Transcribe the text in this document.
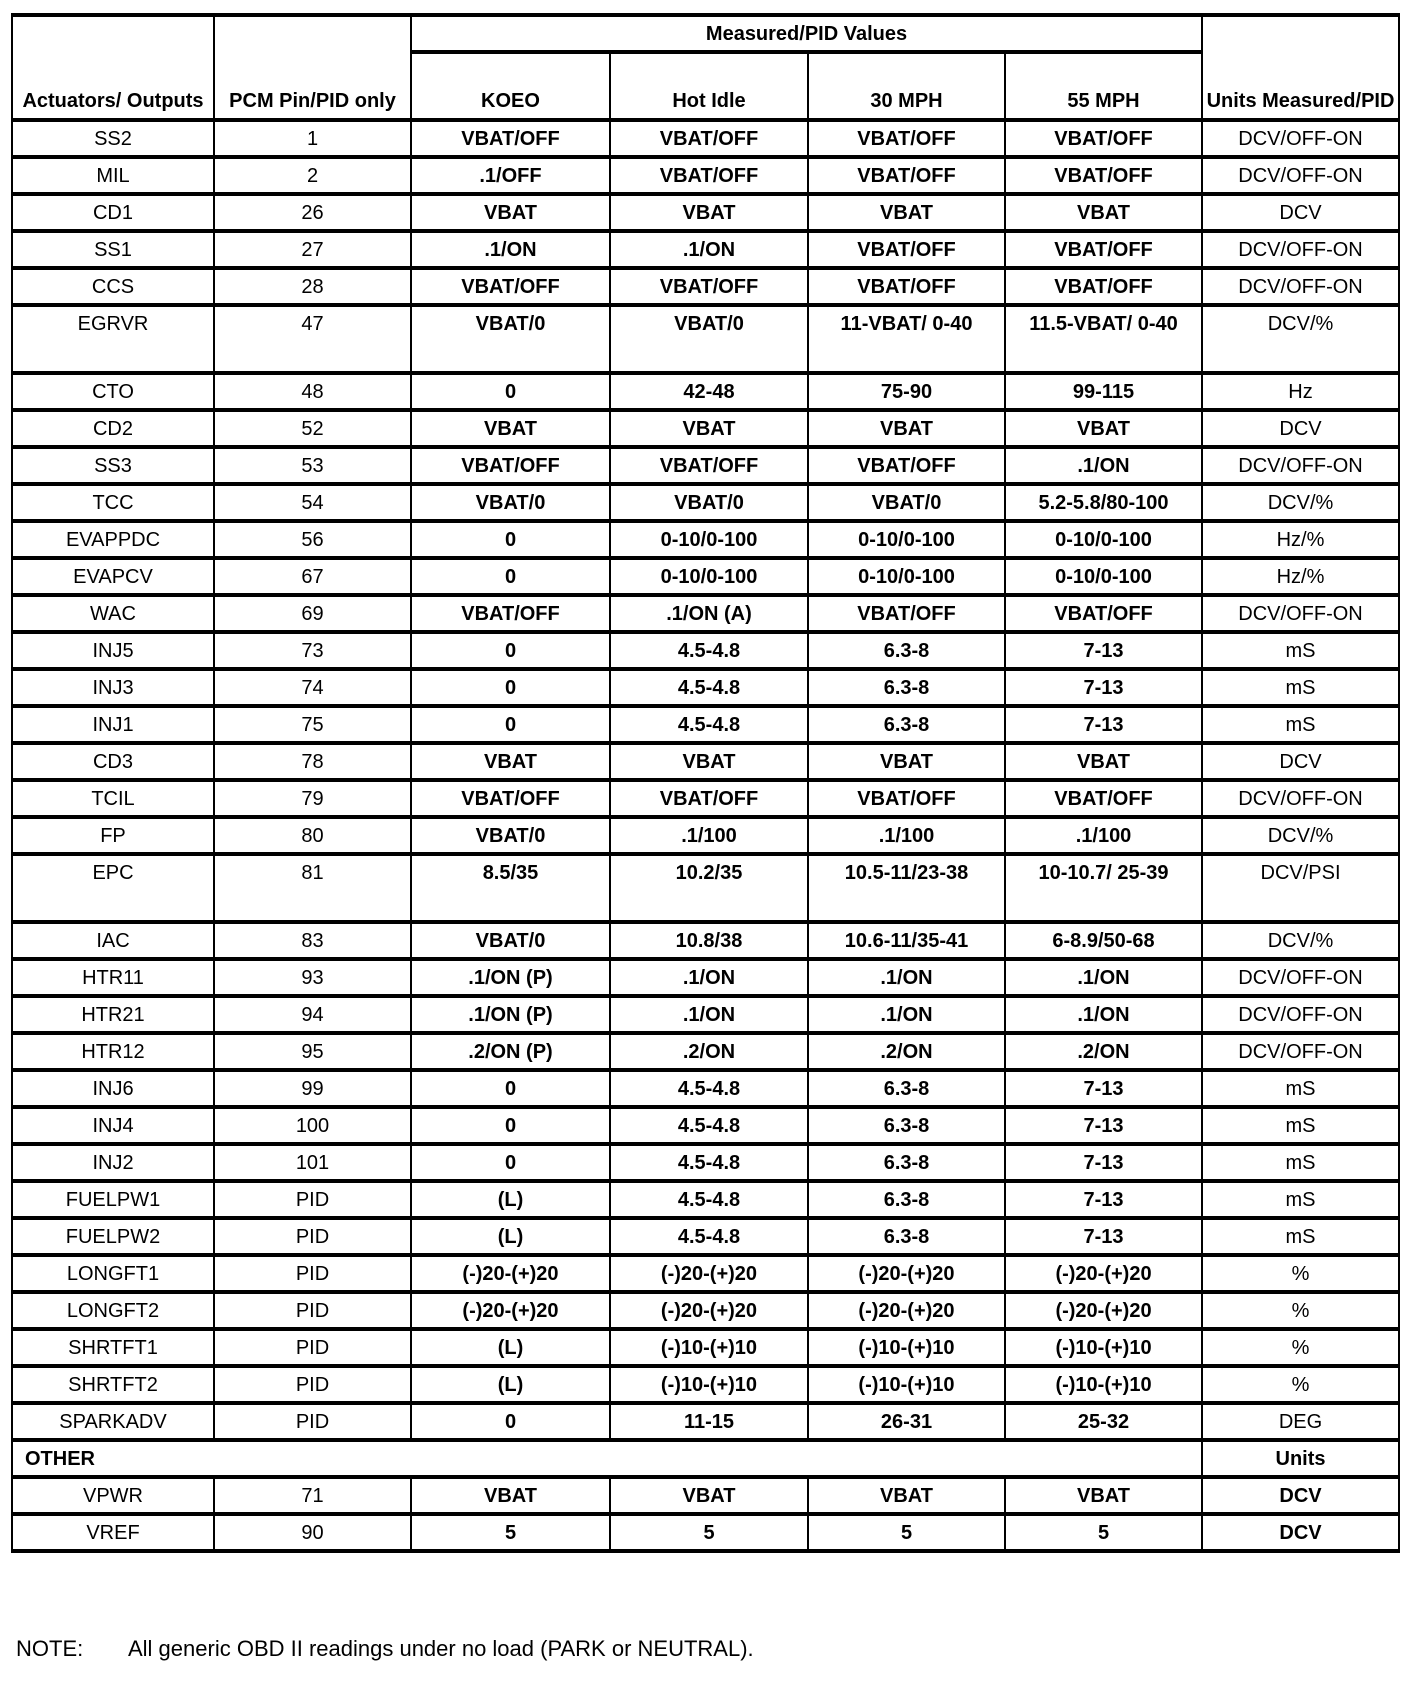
Actuators/ Outputs	PCM Pin/PID only	Measured/PID Values				Units Measured/PID
		KOEO	Hot Idle	30 MPH	55 MPH	
SS2	1	VBAT/OFF	VBAT/OFF	VBAT/OFF	VBAT/OFF	DCV/OFF-ON
MIL	2	.1/OFF	VBAT/OFF	VBAT/OFF	VBAT/OFF	DCV/OFF-ON
CD1	26	VBAT	VBAT	VBAT	VBAT	DCV
SS1	27	.1/ON	.1/ON	VBAT/OFF	VBAT/OFF	DCV/OFF-ON
CCS	28	VBAT/OFF	VBAT/OFF	VBAT/OFF	VBAT/OFF	DCV/OFF-ON
EGRVR	47	VBAT/0	VBAT/0	11-VBAT/ 0-40	11.5-VBAT/ 0-40	DCV/%
CTO	48	0	42-48	75-90	99-115	Hz
CD2	52	VBAT	VBAT	VBAT	VBAT	DCV
SS3	53	VBAT/OFF	VBAT/OFF	VBAT/OFF	.1/ON	DCV/OFF-ON
TCC	54	VBAT/0	VBAT/0	VBAT/0	5.2-5.8/80-100	DCV/%
EVAPPDC	56	0	0-10/0-100	0-10/0-100	0-10/0-100	Hz/%
EVAPCV	67	0	0-10/0-100	0-10/0-100	0-10/0-100	Hz/%
WAC	69	VBAT/OFF	.1/ON (A)	VBAT/OFF	VBAT/OFF	DCV/OFF-ON
INJ5	73	0	4.5-4.8	6.3-8	7-13	mS
INJ3	74	0	4.5-4.8	6.3-8	7-13	mS
INJ1	75	0	4.5-4.8	6.3-8	7-13	mS
CD3	78	VBAT	VBAT	VBAT	VBAT	DCV
TCIL	79	VBAT/OFF	VBAT/OFF	VBAT/OFF	VBAT/OFF	DCV/OFF-ON
FP	80	VBAT/0	.1/100	.1/100	.1/100	DCV/%
EPC	81	8.5/35	10.2/35	10.5-11/23-38	10-10.7/ 25-39	DCV/PSI
IAC	83	VBAT/0	10.8/38	10.6-11/35-41	6-8.9/50-68	DCV/%
HTR11	93	.1/ON (P)	.1/ON	.1/ON	.1/ON	DCV/OFF-ON
HTR21	94	.1/ON (P)	.1/ON	.1/ON	.1/ON	DCV/OFF-ON
HTR12	95	.2/ON (P)	.2/ON	.2/ON	.2/ON	DCV/OFF-ON
INJ6	99	0	4.5-4.8	6.3-8	7-13	mS
INJ4	100	0	4.5-4.8	6.3-8	7-13	mS
INJ2	101	0	4.5-4.8	6.3-8	7-13	mS
FUELPW1	PID	(L)	4.5-4.8	6.3-8	7-13	mS
FUELPW2	PID	(L)	4.5-4.8	6.3-8	7-13	mS
LONGFT1	PID	(-)20-(+)20	(-)20-(+)20	(-)20-(+)20	(-)20-(+)20	%
LONGFT2	PID	(-)20-(+)20	(-)20-(+)20	(-)20-(+)20	(-)20-(+)20	%
SHRTFT1	PID	(L)	(-)10-(+)10	(-)10-(+)10	(-)10-(+)10	%
SHRTFT2	PID	(L)	(-)10-(+)10	(-)10-(+)10	(-)10-(+)10	%
SPARKADV	PID	0	11-15	26-31	25-32	DEG
OTHER						Units
VPWR	71	VBAT	VBAT	VBAT	VBAT	DCV
VREF	90	5	5	5	5	DCV
NOTE: All generic OBD II readings under no load (PARK or NEUTRAL).
